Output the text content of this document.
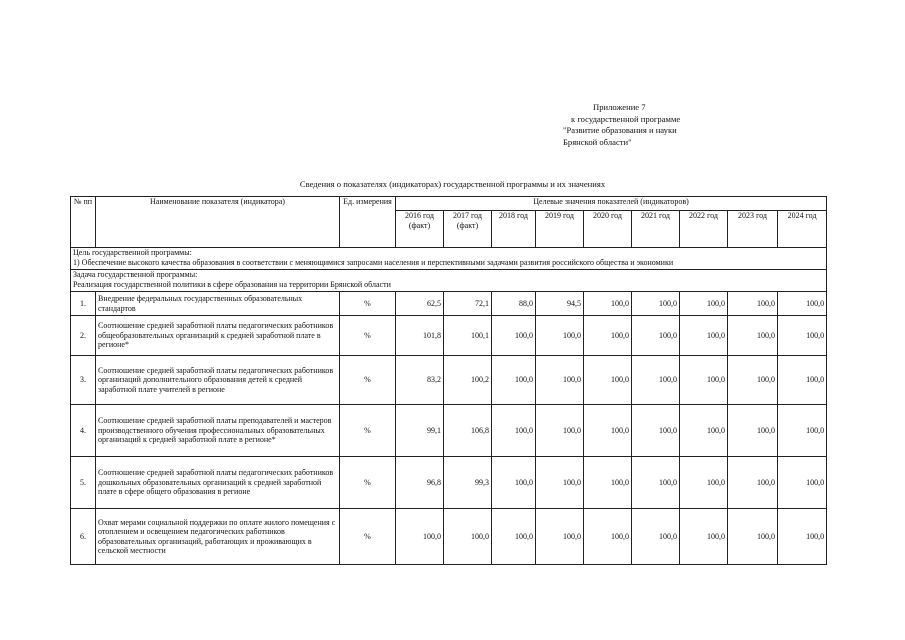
Приложение 7
к государственной программе
"Развитие образования и науки
Брянской области"
Сведения о показателях (индикаторах) государственной программы и их значениях
№ пп	Наименование показателя (индикатора)	Ед. измерения	Целевые значения показателей (индикаторов)								
			2016 год (факт)	2017 год (факт)	2018 год	2019 год	2020 год	2021 год	2022 год	2023 год	2024 год

Цель государственной программы:
1) Обеспечение высокого качества образования в соответствии с меняющимися запросами населения и перспективными задачами развития российского общества и экономики											

Задача государственной программы:
Реализация государственной политики в сфере образования на территории Брянской области											

1.	Внедрение федеральных государственных образовательных стандартов	%	62,5	72,1	88,0	94,5	100,0	100,0	100,0	100,0	100,0
2.	Соотношение средней заработной платы педагогических работников общеобразовательных организаций к средней заработной плате в регионе*	%	101,8	100,1	100,0	100,0	100,0	100,0	100,0	100,0	100,0
3.	Соотношение средней заработной платы педагогических работников организаций дополнительного образования детей к средней заработной плате учителей в регионе	%	83,2	100,2	100,0	100,0	100,0	100,0	100,0	100,0	100,0
4.	Соотношение средней заработной платы преподавателей и мастеров производственного обучения профессиональных образовательных организаций к средней заработной плате в регионе*	%	99,1	106,8	100,0	100,0	100,0	100,0	100,0	100,0	100,0
5.	Соотношение средней заработной платы педагогических работников дошкольных образовательных организаций к средней заработной плате в сфере общего образования в регионе	%	96,8	99,3	100,0	100,0	100,0	100,0	100,0	100,0	100,0
6.	Охват мерами социальной поддержки по оплате жилого помещения с отоплением и освещением педагогических работников образовательных организаций, работающих и проживающих в сельской местности	%	100,0	100,0	100,0	100,0	100,0	100,0	100,0	100,0	100,0
